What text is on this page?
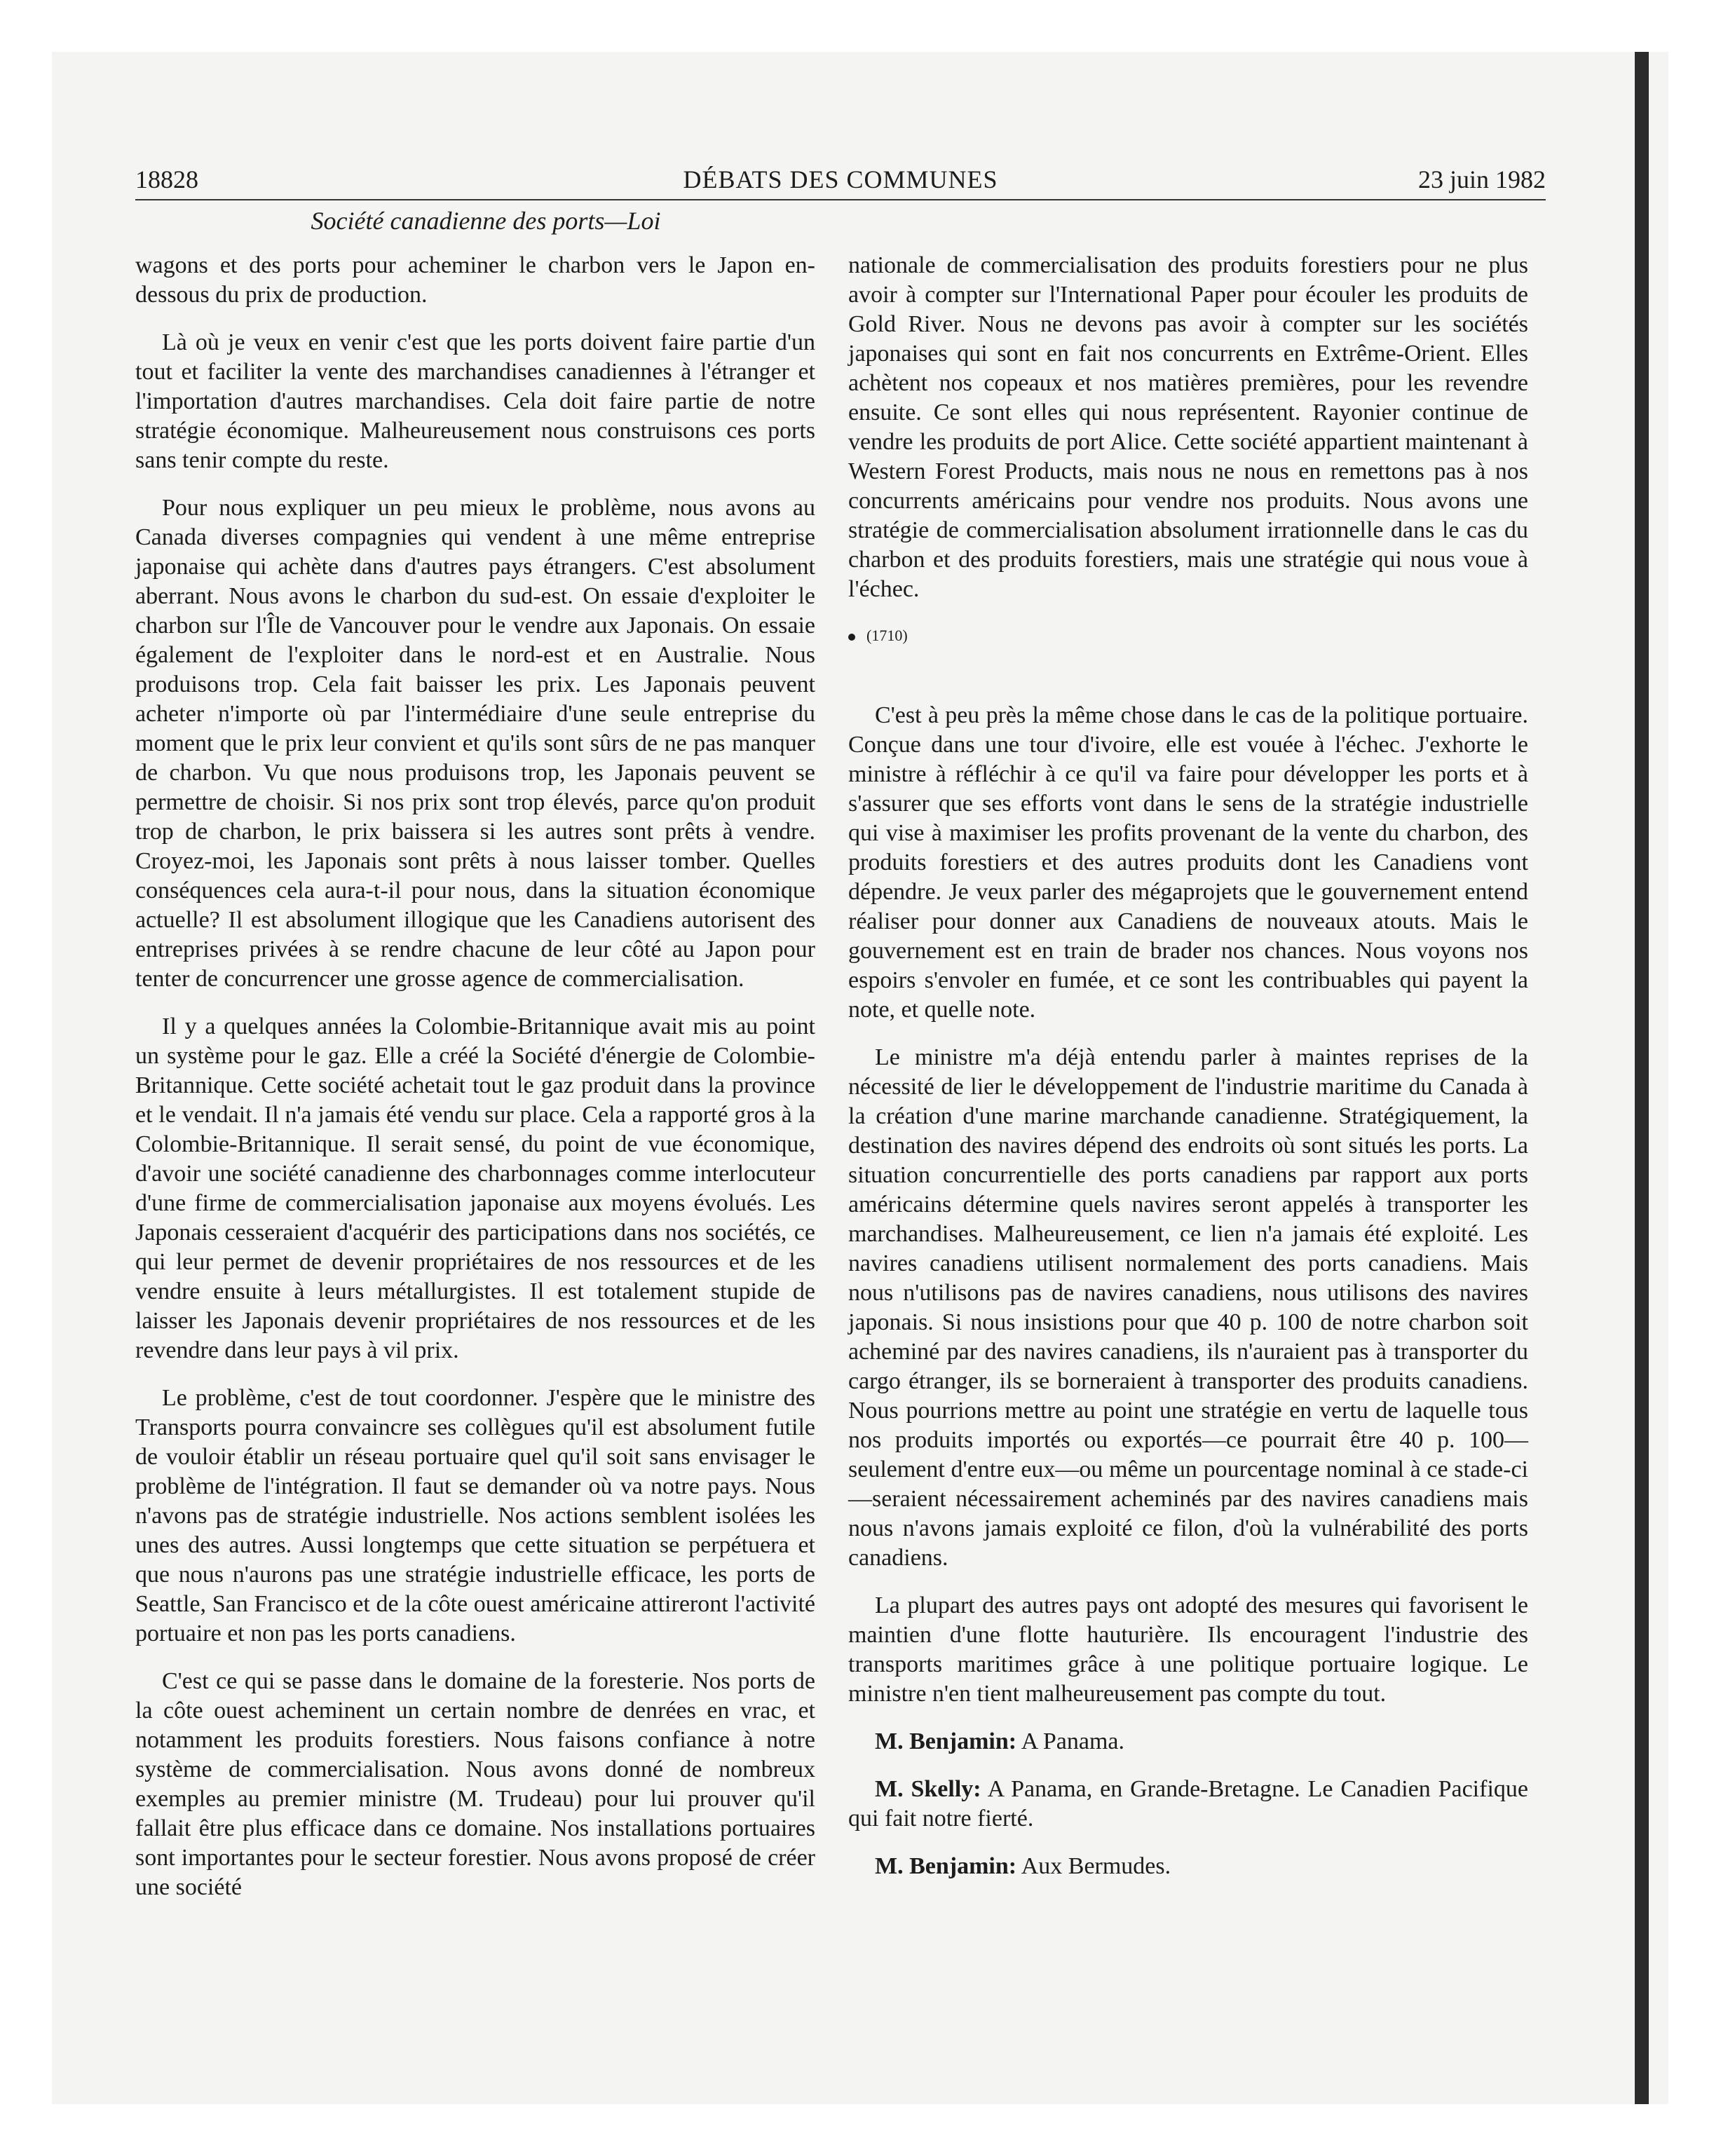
18828	DÉBATS DES COMMUNES	23 juin 1982
Société canadienne des ports—Loi

wagons et des ports pour acheminer le charbon vers le Japon en-dessous du prix de production.

Là où je veux en venir c'est que les ports doivent faire partie d'un tout et faciliter la vente des marchandises canadiennes à l'étranger et l'importation d'autres marchandises. Cela doit faire partie de notre stratégie économique. Malheureusement nous construisons ces ports sans tenir compte du reste.

Pour nous expliquer un peu mieux le problème, nous avons au Canada diverses compagnies qui vendent à une même entreprise japonaise qui achète dans d'autres pays étrangers. C'est absolument aberrant. Nous avons le charbon du sud-est. On essaie d'exploiter le charbon sur l'Île de Vancouver pour le vendre aux Japonais. On essaie également de l'exploiter dans le nord-est et en Australie. Nous produisons trop. Cela fait baisser les prix. Les Japonais peuvent acheter n'importe où par l'intermédiaire d'une seule entreprise du moment que le prix leur convient et qu'ils sont sûrs de ne pas manquer de charbon. Vu que nous produisons trop, les Japonais peuvent se permettre de choisir. Si nos prix sont trop élevés, parce qu'on produit trop de charbon, le prix baissera si les autres sont prêts à vendre. Croyez-moi, les Japonais sont prêts à nous laisser tomber. Quelles conséquences cela aura-t-il pour nous, dans la situation économique actuelle? Il est absolument illogique que les Canadiens autorisent des entreprises privées à se rendre chacune de leur côté au Japon pour tenter de concurrencer une grosse agence de commercialisation.

Il y a quelques années la Colombie-Britannique avait mis au point un système pour le gaz. Elle a créé la Société d'énergie de Colombie-Britannique. Cette société achetait tout le gaz produit dans la province et le vendait. Il n'a jamais été vendu sur place. Cela a rapporté gros à la Colombie-Britannique. Il serait sensé, du point de vue économique, d'avoir une société canadienne des charbonnages comme interlocuteur d'une firme de commercialisation japonaise aux moyens évolués. Les Japonais cesseraient d'acquérir des participations dans nos sociétés, ce qui leur permet de devenir propriétaires de nos ressources et de les vendre ensuite à leurs métallurgistes. Il est totalement stupide de laisser les Japonais devenir propriétaires de nos ressources et de les revendre dans leur pays à vil prix.

Le problème, c'est de tout coordonner. J'espère que le ministre des Transports pourra convaincre ses collègues qu'il est absolument futile de vouloir établir un réseau portuaire quel qu'il soit sans envisager le problème de l'intégration. Il faut se demander où va notre pays. Nous n'avons pas de stratégie industrielle. Nos actions semblent isolées les unes des autres. Aussi longtemps que cette situation se perpétuera et que nous n'aurons pas une stratégie industrielle efficace, les ports de Seattle, San Francisco et de la côte ouest américaine attireront l'activité portuaire et non pas les ports canadiens.

C'est ce qui se passe dans le domaine de la foresterie. Nos ports de la côte ouest acheminent un certain nombre de denrées en vrac, et notamment les produits forestiers. Nous faisons confiance à notre système de commercialisation. Nous avons donné de nombreux exemples au premier ministre (M. Trudeau) pour lui prouver qu'il fallait être plus efficace dans ce domaine. Nos installations portuaires sont importantes pour le secteur forestier. Nous avons proposé de créer une société

nationale de commercialisation des produits forestiers pour ne plus avoir à compter sur l'International Paper pour écouler les produits de Gold River. Nous ne devons pas avoir à compter sur les sociétés japonaises qui sont en fait nos concurrents en Extrême-Orient. Elles achètent nos copeaux et nos matières premières, pour les revendre ensuite. Ce sont elles qui nous représentent. Rayonier continue de vendre les produits de port Alice. Cette société appartient maintenant à Western Forest Products, mais nous ne nous en remettons pas à nos concurrents américains pour vendre nos produits. Nous avons une stratégie de commercialisation absolument irrationnelle dans le cas du charbon et des produits forestiers, mais une stratégie qui nous voue à l'échec.

(1710)

C'est à peu près la même chose dans le cas de la politique portuaire. Conçue dans une tour d'ivoire, elle est vouée à l'échec. J'exhorte le ministre à réfléchir à ce qu'il va faire pour développer les ports et à s'assurer que ses efforts vont dans le sens de la stratégie industrielle qui vise à maximiser les profits provenant de la vente du charbon, des produits forestiers et des autres produits dont les Canadiens vont dépendre. Je veux parler des mégaprojets que le gouvernement entend réaliser pour donner aux Canadiens de nouveaux atouts. Mais le gouvernement est en train de brader nos chances. Nous voyons nos espoirs s'envoler en fumée, et ce sont les contribuables qui payent la note, et quelle note.

Le ministre m'a déjà entendu parler à maintes reprises de la nécessité de lier le développement de l'industrie maritime du Canada à la création d'une marine marchande canadienne. Stratégiquement, la destination des navires dépend des endroits où sont situés les ports. La situation concurrentielle des ports canadiens par rapport aux ports américains détermine quels navires seront appelés à transporter les marchandises. Malheureusement, ce lien n'a jamais été exploité. Les navires canadiens utilisent normalement des ports canadiens. Mais nous n'utilisons pas de navires canadiens, nous utilisons des navires japonais. Si nous insistions pour que 40 p. 100 de notre charbon soit acheminé par des navires canadiens, ils n'auraient pas à transporter du cargo étranger, ils se borneraient à transporter des produits canadiens. Nous pourrions mettre au point une stratégie en vertu de laquelle tous nos produits importés ou exportés—ce pourrait être 40 p. 100—seulement d'entre eux—ou même un pourcentage nominal à ce stade-ci—seraient nécessairement acheminés par des navires canadiens mais nous n'avons jamais exploité ce filon, d'où la vulnérabilité des ports canadiens.

La plupart des autres pays ont adopté des mesures qui favorisent le maintien d'une flotte hauturière. Ils encouragent l'industrie des transports maritimes grâce à une politique portuaire logique. Le ministre n'en tient malheureusement pas compte du tout.

M. Benjamin: A Panama.

M. Skelly: A Panama, en Grande-Bretagne. Le Canadien Pacifique qui fait notre fierté.

M. Benjamin: Aux Bermudes.
